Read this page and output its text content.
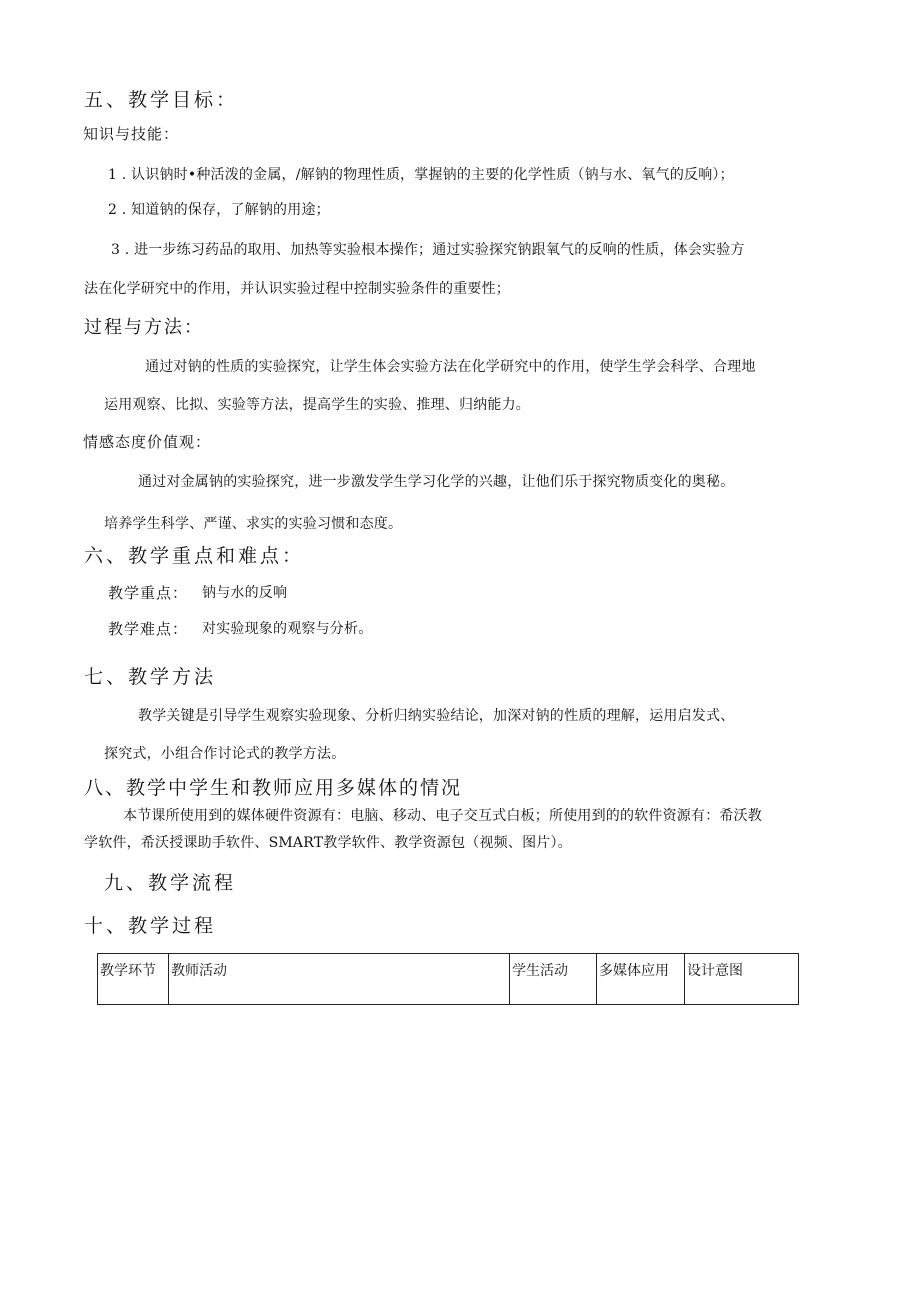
五、教学目标：
知识与技能：
1 . 认识钠时•种活泼的金属，/解钠的物理性质，掌握钠的主要的化学性质（钠与水、氧气的反响）；
2 . 知道钠的保存，了解钠的用途；
3 . 进一步练习药品的取用、加热等实验根本操作；通过实验探究钠跟氧气的反响的性质，体会实验方
法在化学研究中的作用，并认识实验过程中控制实验条件的重要性；
过程与方法：
通过对钠的性质的实验探究，让学生体会实验方法在化学研究中的作用，使学生学会科学、合理地
运用观察、比拟、实验等方法，提高学生的实验、推理、归纳能力。
情感态度价值观：
通过对金属钠的实验探究，进一步激发学生学习化学的兴趣，让他们乐于探究物质变化的奥秘。
培养学生科学、严谨、求实的实验习惯和态度。
六、教学重点和难点：
教学重点： 钠与水的反响
教学难点： 对实验现象的观察与分析。
七、教学方法
教学关键是引导学生观察实验现象、分析归纳实验结论，加深对钠的性质的理解，运用启发式、
探究式，小组合作讨论式的教学方法。
八、教学中学生和教师应用多媒体的情况
本节课所使用到的媒体硬件资源有：电脑、移动、电子交互式白板；所使用到的的软件资源有：希沃教
学软件，希沃授课助手软件、SMART教学软件、教学资源包（视频、图片）。
九、教学流程
十、教学过程
教学环节	教师活动	学生活动	多媒体应用	设计意图
